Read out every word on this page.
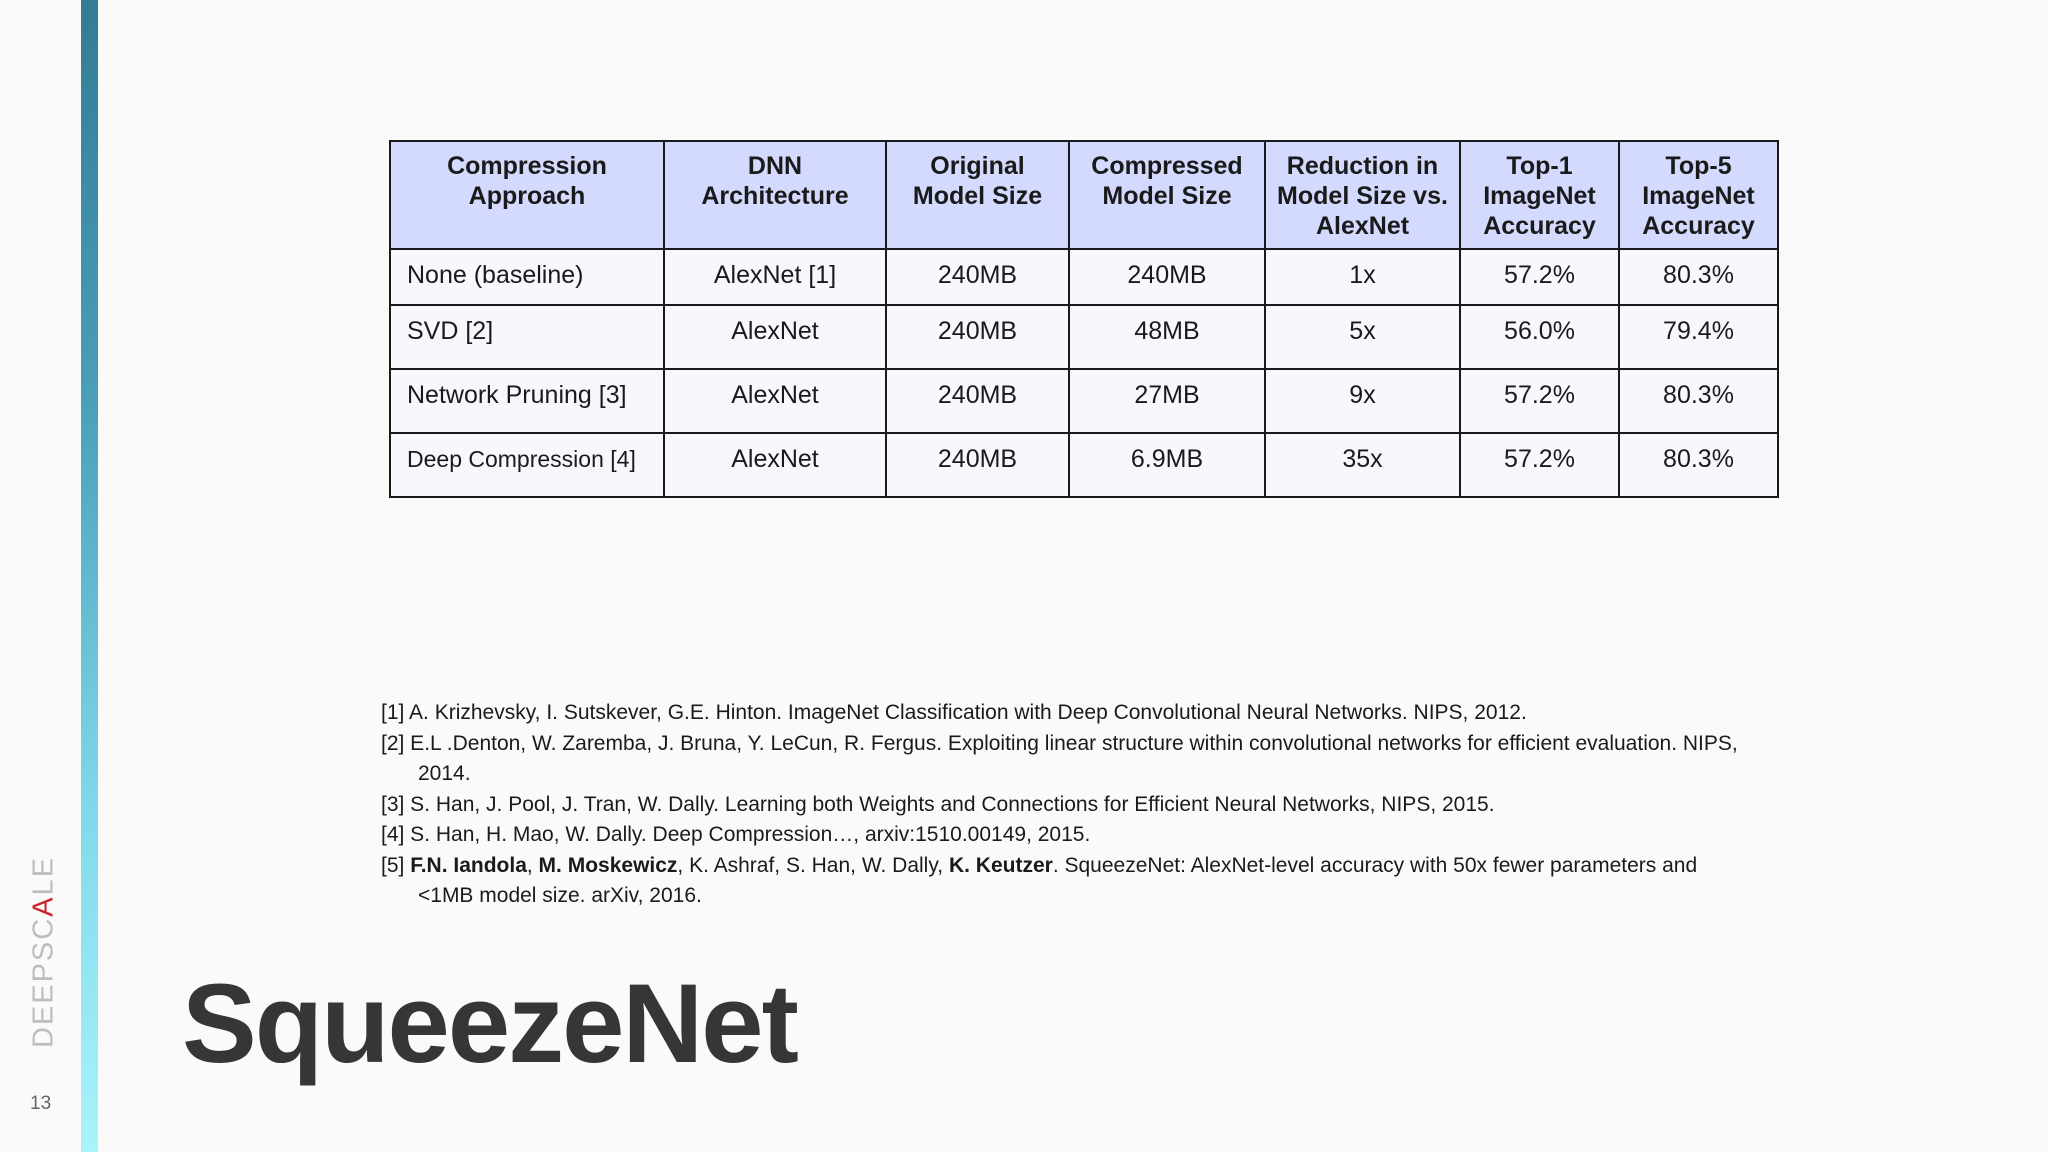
DEEPSCALE
13
Compression Approach	DNN Architecture	Original Model Size	Compressed Model Size	Reduction in Model Size vs. AlexNet	Top-1 ImageNet Accuracy	Top-5 ImageNet Accuracy
None (baseline)	AlexNet [1]	240MB	240MB	1x	57.2%	80.3%
SVD [2]	AlexNet	240MB	48MB	5x	56.0%	79.4%
Network Pruning [3]	AlexNet	240MB	27MB	9x	57.2%	80.3%
Deep Compression [4]	AlexNet	240MB	6.9MB	35x	57.2%	80.3%
[1] A. Krizhevsky, I. Sutskever, G.E. Hinton. ImageNet Classification with Deep Convolutional Neural Networks. NIPS, 2012.
[2] E.L .Denton, W. Zaremba, J. Bruna, Y. LeCun, R. Fergus. Exploiting linear structure within convolutional networks for efficient evaluation. NIPS, 2014.
[3] S. Han, J. Pool, J. Tran, W. Dally. Learning both Weights and Connections for Efficient Neural Networks, NIPS, 2015.
[4] S. Han, H. Mao, W. Dally. Deep Compression…, arxiv:1510.00149, 2015.
[5] F.N. Iandola, M. Moskewicz, K. Ashraf, S. Han, W. Dally, K. Keutzer. SqueezeNet: AlexNet-level accuracy with 50x fewer parameters and <1MB model size. arXiv, 2016.
SqueezeNet
